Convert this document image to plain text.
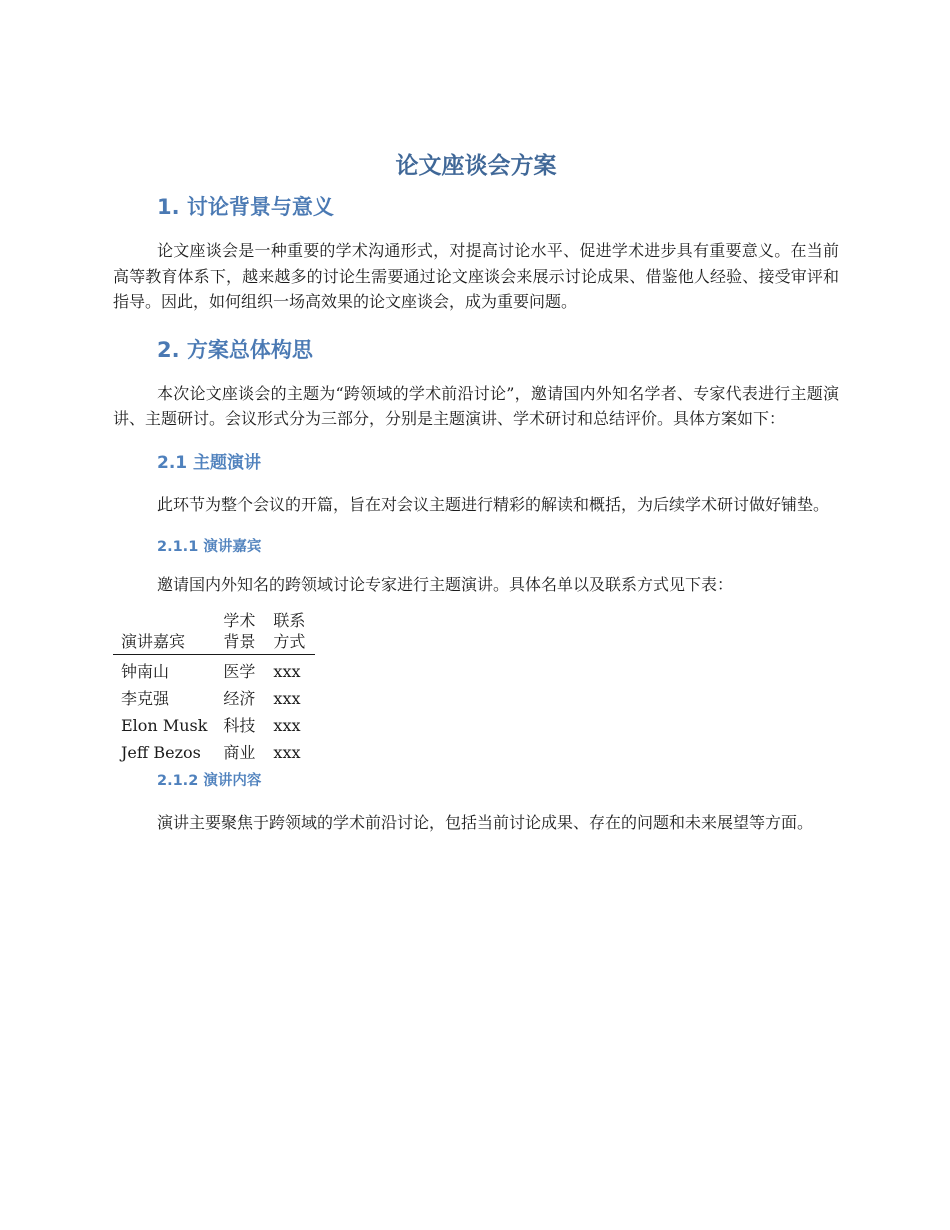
论文座谈会方案
1. 讨论背景与意义

论文座谈会是一种重要的学术沟通形式，对提高讨论水平、促进学术进步具有重要意义。在当前高等教育体系下，越来越多的讨论生需要通过论文座谈会来展示讨论成果、借鉴他人经验、接受审评和指导。因此，如何组织一场高效果的论文座谈会，成为重要问题。

2. 方案总体构思

本次论文座谈会的主题为“跨领域的学术前沿讨论”，邀请国内外知名学者、专家代表进行主题演讲、主题研讨。会议形式分为三部分，分别是主题演讲、学术研讨和总结评价。具体方案如下：

2.1 主题演讲

此环节为整个会议的开篇，旨在对会议主题进行精彩的解读和概括，为后续学术研讨做好铺垫。

2.1.1 演讲嘉宾

邀请国内外知名的跨领域讨论专家进行主题演讲。具体名单以及联系方式见下表：

演讲嘉宾	学术背景	联系方式
钟南山	医学	xxx
李克强	经济	xxx
Elon Musk	科技	xxx
Jeff Bezos	商业	xxx
2.1.2 演讲内容

演讲主要聚焦于跨领域的学术前沿讨论，包括当前讨论成果、存在的问题和未来展望等方面。
